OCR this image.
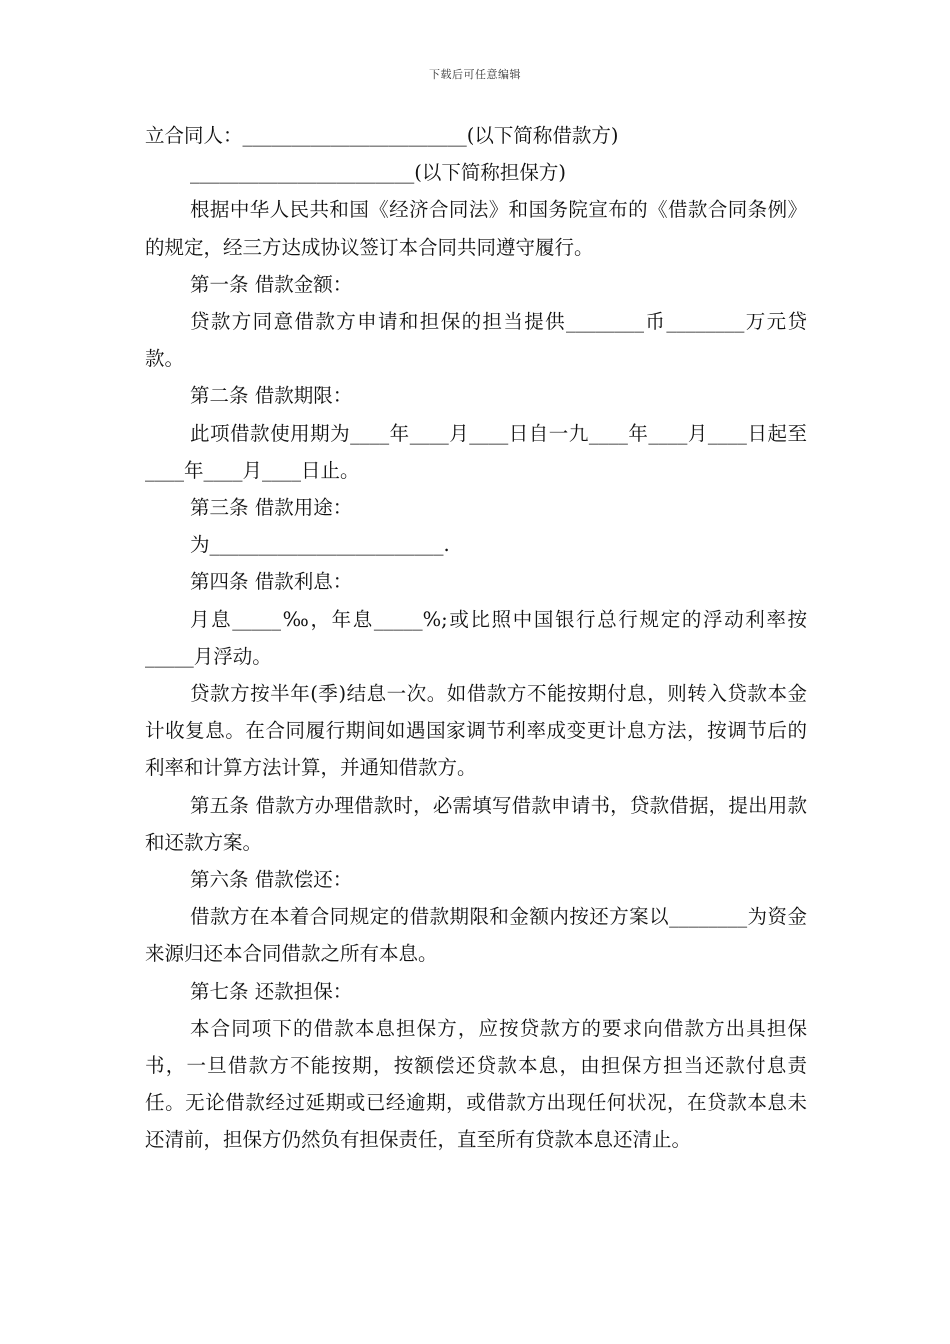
下载后可任意编辑

立合同人：_______________________(以下简称借款方)

_______________________(以下简称担保方)

根据中华人民共和国《经济合同法》和国务院宣布的《借款合同条例》的规定，经三方达成协议签订本合同共同遵守履行。

第一条 借款金额：

贷款方同意借款方申请和担保的担当提供________币________万元贷款。

第二条 借款期限：

此项借款使用期为____年____月____日自一九____年____月____日起至____年____月____日止。

第三条 借款用途：

为________________________.

第四条 借款利息：

月息_____‰，年息_____%;或比照中国银行总行规定的浮动利率按_____月浮动。

贷款方按半年(季)结息一次。如借款方不能按期付息，则转入贷款本金计收复息。在合同履行期间如遇国家调节利率成变更计息方法，按调节后的利率和计算方法计算，并通知借款方。

第五条 借款方办理借款时，必需填写借款申请书，贷款借据，提出用款和还款方案。

第六条 借款偿还：

借款方在本着合同规定的借款期限和金额内按还方案以________为资金来源归还本合同借款之所有本息。

第七条 还款担保：

本合同项下的借款本息担保方，应按贷款方的要求向借款方出具担保书，一旦借款方不能按期，按额偿还贷款本息，由担保方担当还款付息责任。无论借款经过延期或已经逾期，或借款方出现任何状况，在贷款本息未还清前，担保方仍然负有担保责任，直至所有贷款本息还清止。
